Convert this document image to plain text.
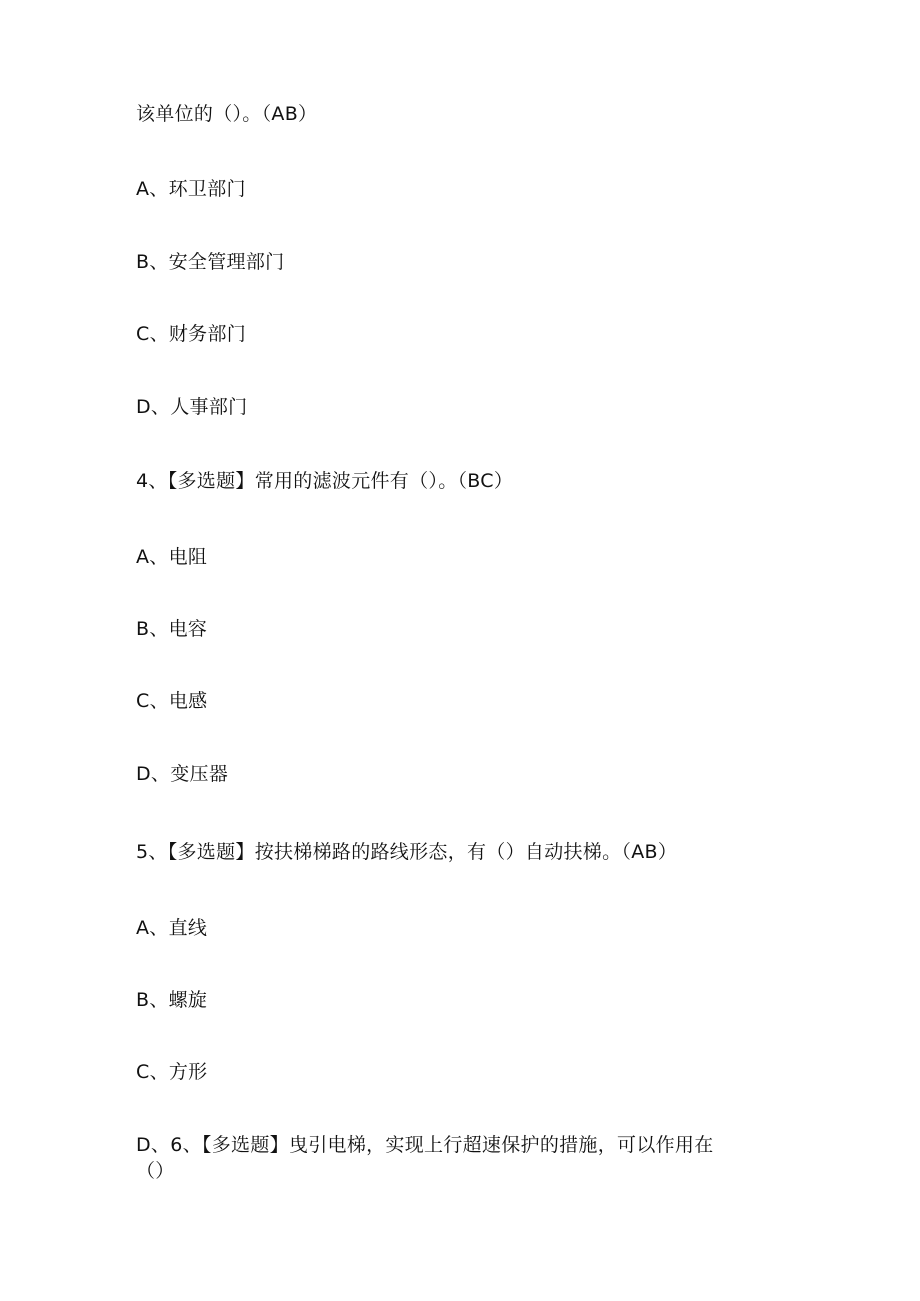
该单位的（）。（AB）
A、环卫部门
B、安全管理部门
C、财务部门
D、人事部门
4、【多选题】常用的滤波元件有（）。（BC）
A、电阻
B、电容
C、电感
D、变压器
5、【多选题】按扶梯梯路的路线形态，有（）自动扶梯。（AB）
A、直线
B、螺旋
C、方形
D、6、【多选题】曳引电梯，实现上行超速保护的措施，可以作用在
（）
